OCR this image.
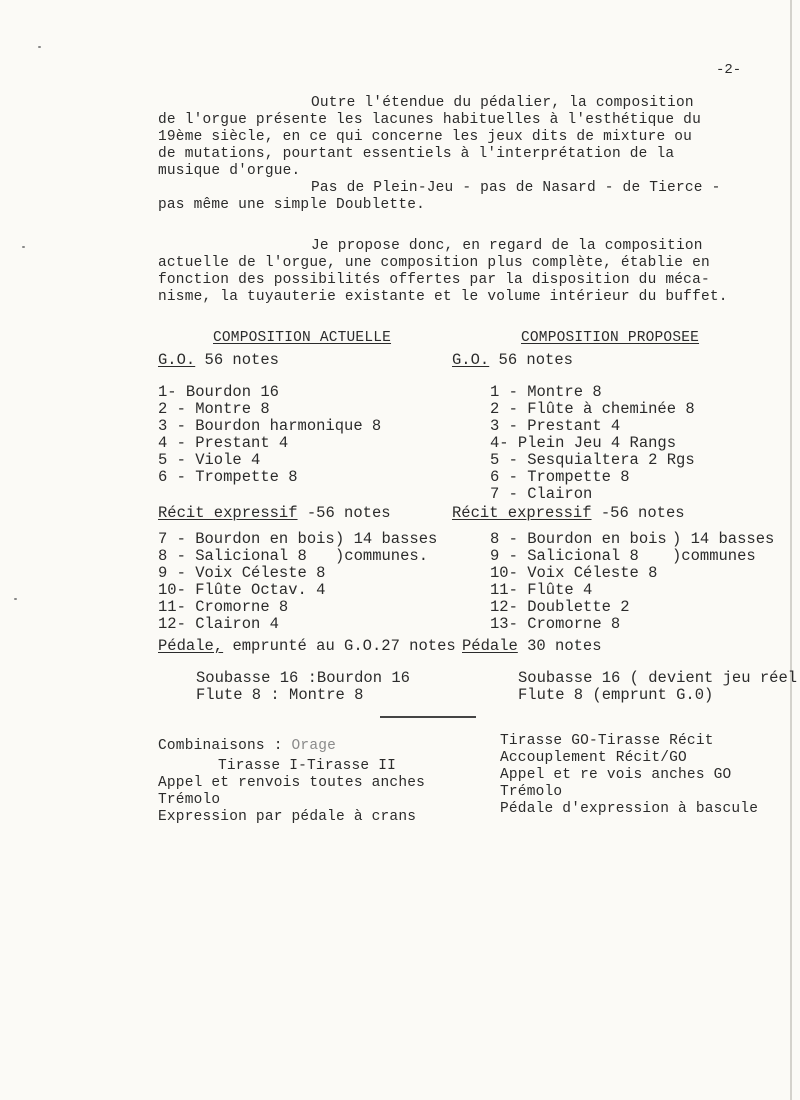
-2-
Outre l'étendue du pédalier, la composition
de l'orgue présente les lacunes habituelles à l'esthétique du
19ème siècle, en ce qui concerne les jeux dits de mixture ou
de mutations, pourtant essentiels à l'interprétation de la
musique d'orgue.
Pas de Plein-Jeu - pas de Nasard - de Tierce -
pas même une simple Doublette.
Je propose donc, en regard de la composition
actuelle de l'orgue, une composition plus complète, établie en
fonction des possibilités offertes par la disposition du méca-
nisme, la tuyauterie existante et le volume intérieur du buffet.
COMPOSITION ACTUELLE
G.O. 56 notes
1- Bourdon 16
2 - Montre 8
3 - Bourdon harmonique 8
4 - Prestant 4
5 - Viole 4
6 - Trompette 8
Récit expressif -56 notes
7 - Bourdon en bois
8 - Salicional 8
9 - Voix Céleste 8
10- Flûte Octav. 4
11- Cromorne 8
12- Clairon 4
) 14 basses
)communes.
Pédale, emprunté au G.O.27 notes
Soubasse 16 :Bourdon 16
Flute 8 : Montre 8
COMPOSITION PROPOSEE
G.O. 56 notes
1 - Montre 8
2 - Flûte à cheminée 8
3 - Prestant 4
4- Plein Jeu 4 Rangs
5 - Sesquialtera 2 Rgs
6 - Trompette 8
7 - Clairon
Récit expressif -56 notes
8 - Bourdon en bois
9 - Salicional 8
10- Voix Céleste 8
11- Flûte 4
12- Doublette 2
13- Cromorne 8
) 14 basses
)communes
Pédale 30 notes
Soubasse 16 ( devient jeu réel
Flute 8 (emprunt G.0)
Combinaisons : Orage
Tirasse I-Tirasse II
Appel et renvois toutes anches
Trémolo
Expression par pédale à crans
Tirasse GO-Tirasse Récit
Accouplement Récit/GO
Appel et re vois anches GO
Trémolo
Pédale d'expression à bascule
